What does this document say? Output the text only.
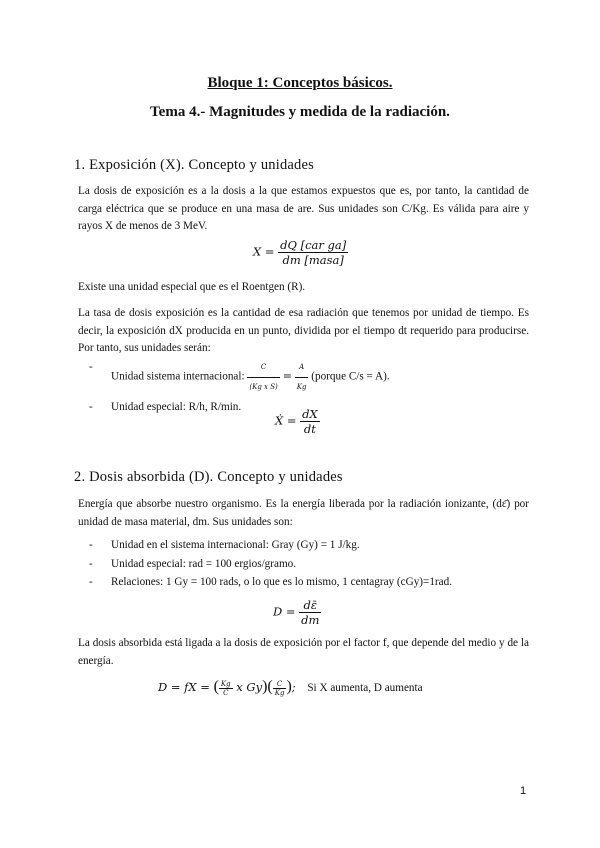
Bloque 1: Conceptos básicos.
Tema 4.- Magnitudes y medida de la radiación.
1. Exposición (X). Concepto y unidades
La dosis de exposición es a la dosis a la que estamos expuestos que es, por tanto, la cantidad de carga eléctrica que se produce en una masa de are. Sus unidades son C/Kg. Es válida para aire y rayos X de menos de 3 MeV.
$X = \frac{\text{dQ [car ga]}}{\text{dm [masa]}}$
Existe una unidad especial que es el Roentgen (R).
La tasa de dosis exposición es la cantidad de esa radiación que tenemos por unidad de tiempo. Es decir, la exposición dX producida en un punto, dividida por el tiempo dt requerido para producirse. Por tanto, sus unidades serán:
- Unidad sistema internacional: $\frac{C}{\text{(Kg x S)}} = \frac{A}{Kg}$ (porque C/s = A).
- Unidad especial: R/h, R/min.
Ẋ = $\frac{dX}{dt}$
2. Dosis absorbida (D). Concepto y unidades
Energía que absorbe nuestro organismo. Es la energía liberada por la radiación ionizante, (dε̄) por unidad de masa material, dm. Sus unidades son:
- Unidad en el sistema internacional: Gray (Gy) = 1 J/kg.
- Unidad especial: rad = 100 ergios/gramo.
- Relaciones: 1 Gy = 100 rads, o lo que es lo mismo, 1 centagray (cGy)=1rad.
$D = \frac{d\varepsilon̄}{dm}$
La dosis absorbida está ligada a la dosis de exposición por el factor f, que depende del medio y de la energía.
D = fX = ( $\frac{Kg}{C}$ x $Gy)( \frac{C}{Kg}$ ); Si X aumenta, D aumenta
1
